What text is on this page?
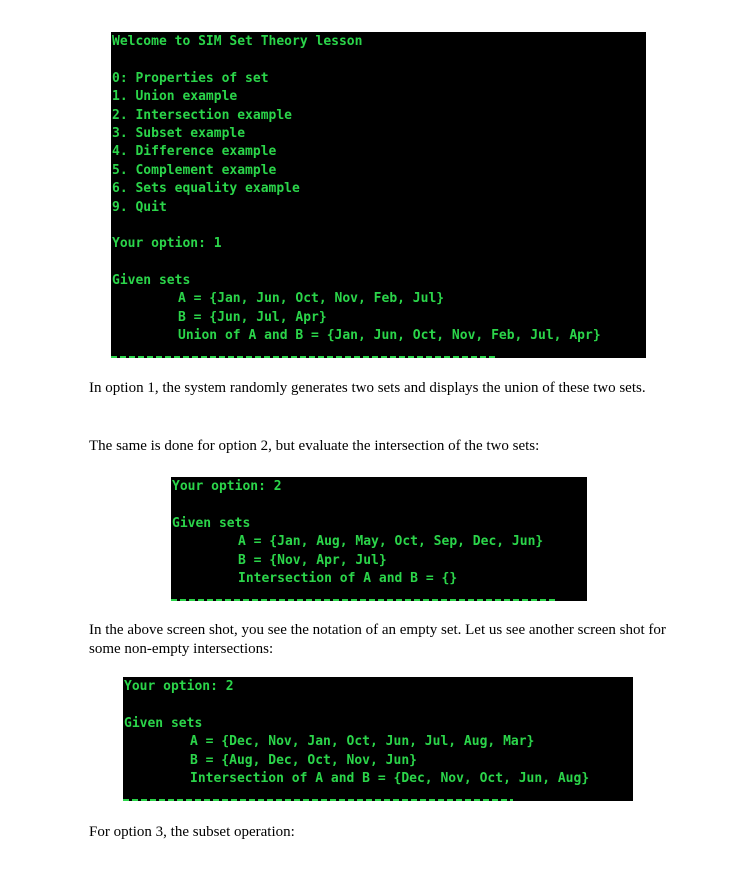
Welcome to SIM Set Theory lesson
0: Properties of set
1. Union example
2. Intersection example
3. Subset example
4. Difference example
5. Complement example
6. Sets equality example
9. Quit
Your option: 1
Given sets
A = {Jan, Jun, Oct, Nov, Feb, Jul}
B = {Jun, Jul, Apr}
Union of A and B = {Jan, Jun, Oct, Nov, Feb, Jul, Apr}

In option 1, the system randomly generates two sets and displays the union of these two sets.

The same is done for option 2, but evaluate the intersection of the two sets:

Your option: 2
Given sets
A = {Jan, Aug, May, Oct, Sep, Dec, Jun}
B = {Nov, Apr, Jul}
Intersection of A and B = {}

In the above screen shot, you see the notation of an empty set. Let us see another screen shot for some non-empty intersections:

Your option: 2
Given sets
A = {Dec, Nov, Jan, Oct, Jun, Jul, Aug, Mar}
B = {Aug, Dec, Oct, Nov, Jun}
Intersection of A and B = {Dec, Nov, Oct, Jun, Aug}

For option 3, the subset operation:
